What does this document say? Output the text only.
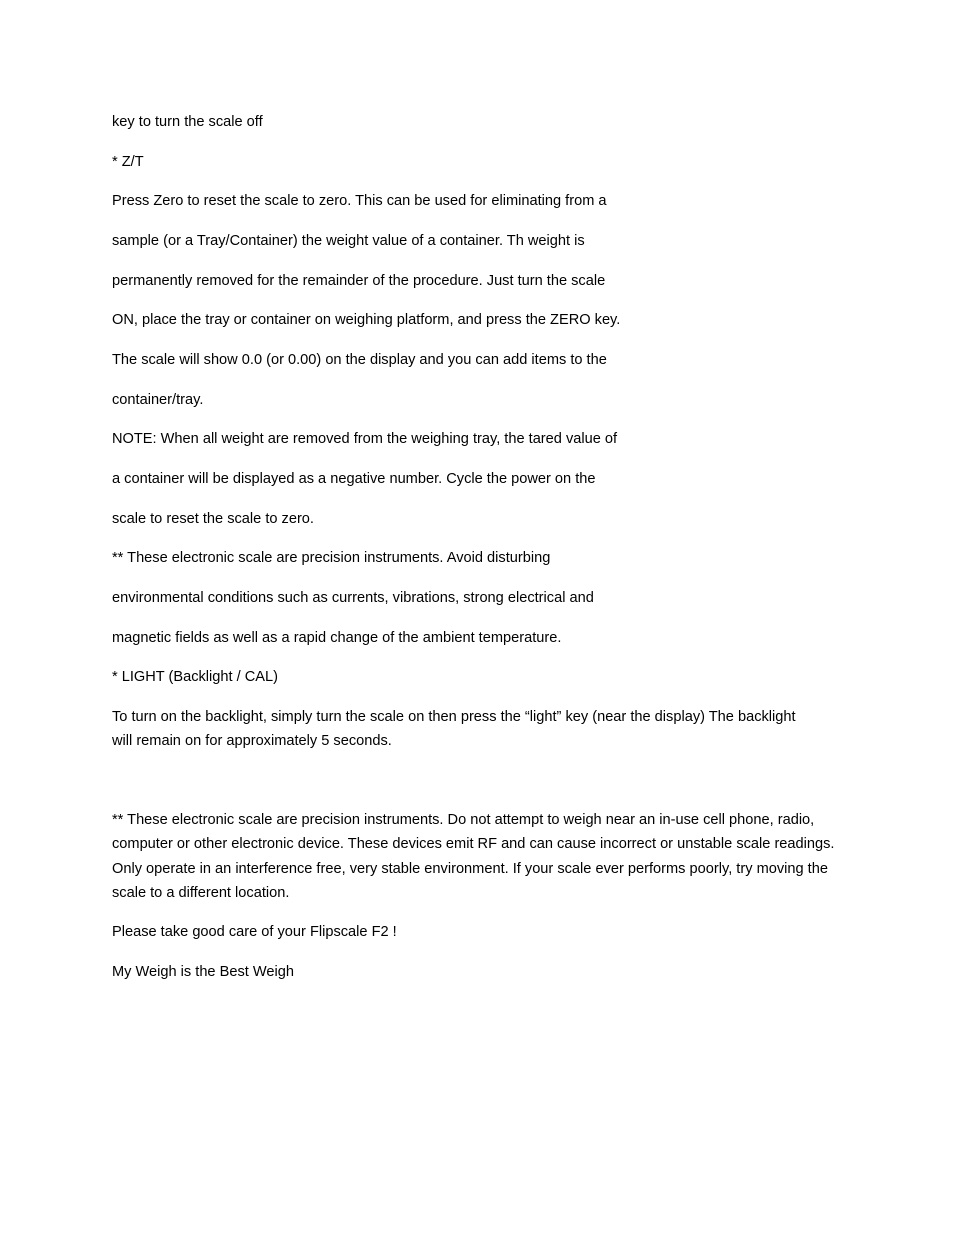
key to turn the scale off
* Z/T
Press Zero to reset the scale to zero. This can be used for eliminating from a
sample (or a Tray/Container) the weight value of a container. Th weight is
permanently removed for the remainder of the procedure. Just turn the scale
ON, place the tray or container on weighing platform, and press the ZERO key.
The scale will show 0.0 (or 0.00) on the display and you can add items to the
container/tray.
NOTE: When all weight are removed from the weighing tray, the tared value of
a container will be displayed as a negative number. Cycle the power on the
scale to reset the scale to zero.
** These electronic scale are precision instruments. Avoid disturbing
environmental conditions such as currents, vibrations, strong electrical and
magnetic fields as well as a rapid change of the ambient temperature.
* LIGHT (Backlight / CAL)
To turn on the backlight, simply turn the scale on then press the “light” key (near the display) The backlight will remain on for approximately 5 seconds.
** These electronic scale are precision instruments. Do not attempt to weigh near an in-use cell phone, radio, computer or other electronic device. These devices emit RF and can cause incorrect or unstable scale readings. Only operate in an interference free, very stable environment. If your scale ever performs poorly, try moving the scale to a different location.
Please take good care of your Flipscale F2 !
My Weigh is the Best Weigh
